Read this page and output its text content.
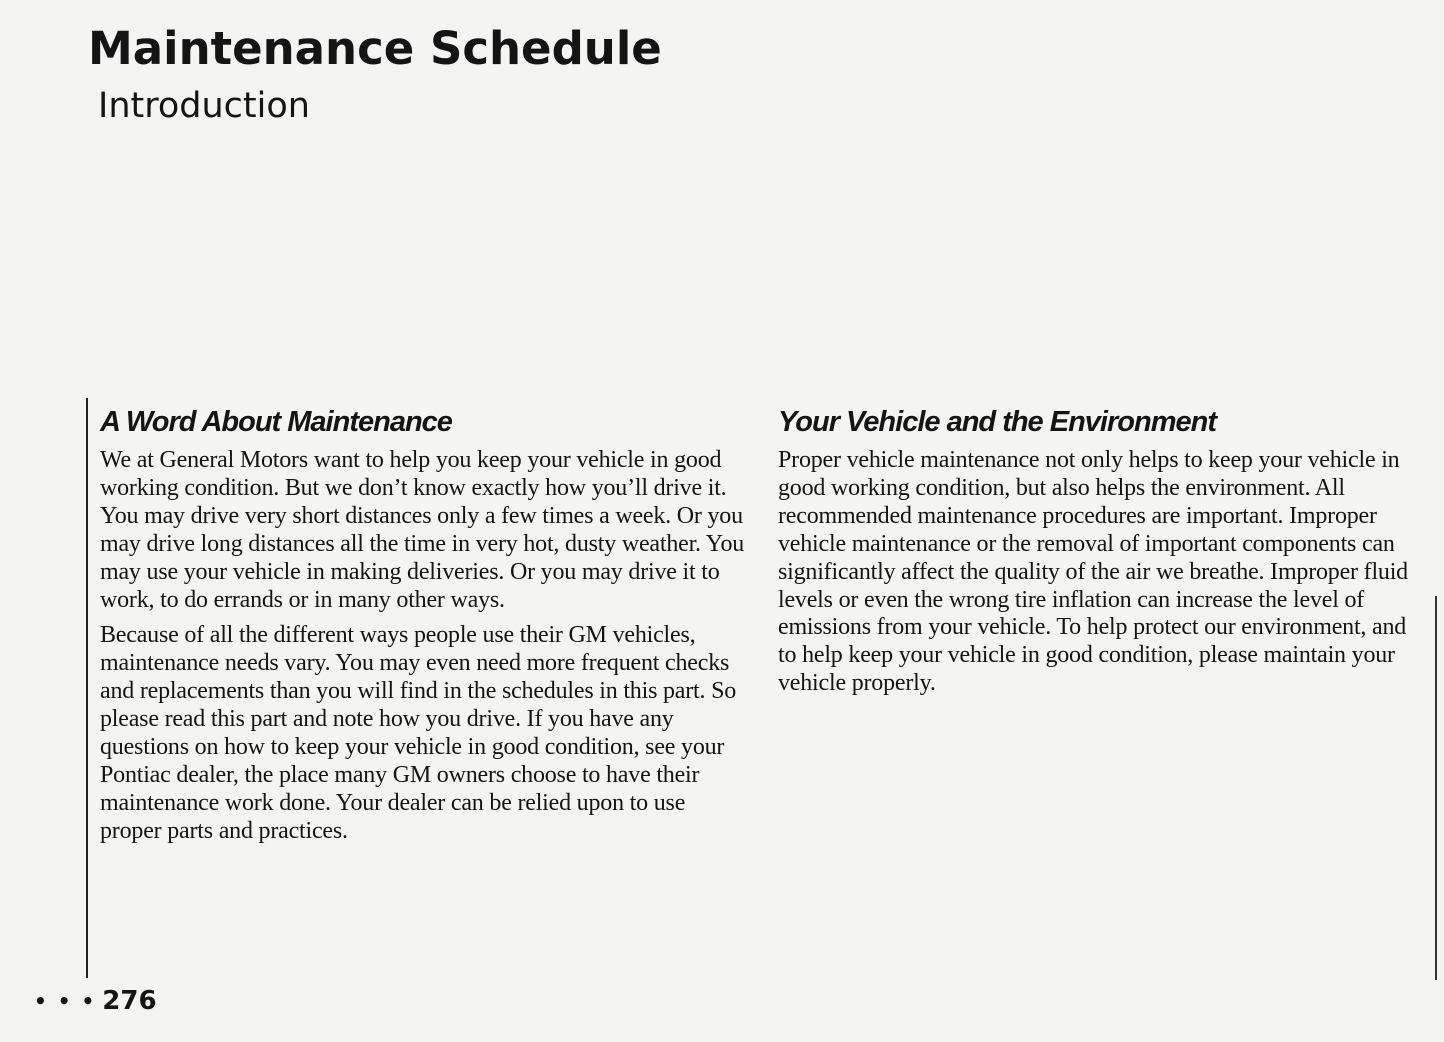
Maintenance Schedule
Introduction
A Word About Maintenance

We at General Motors want to help you keep your vehicle in good working condition. But we don’t know exactly how you’ll drive it. You may drive very short distances only a few times a week. Or you may drive long distances all the time in very hot, dusty weather. You may use your vehicle in making deliveries. Or you may drive it to work, to do errands or in many other ways.

Because of all the different ways people use their GM vehicles, maintenance needs vary. You may even need more frequent checks and replacements than you will find in the schedules in this part. So please read this part and note how you drive. If you have any questions on how to keep your vehicle in good condition, see your Pontiac dealer, the place many GM owners choose to have their maintenance work done. Your dealer can be relied upon to use proper parts and practices.

Your Vehicle and the Environment

Proper vehicle maintenance not only helps to keep your vehicle in good working condition, but also helps the environment. All recommended maintenance procedures are important. Improper vehicle maintenance or the removal of important components can significantly affect the quality of the air we breathe. Improper fluid levels or even the wrong tire inflation can increase the level of emissions from your vehicle. To help protect our environment, and to help keep your vehicle in good condition, please maintain your vehicle properly.

• • • 276
